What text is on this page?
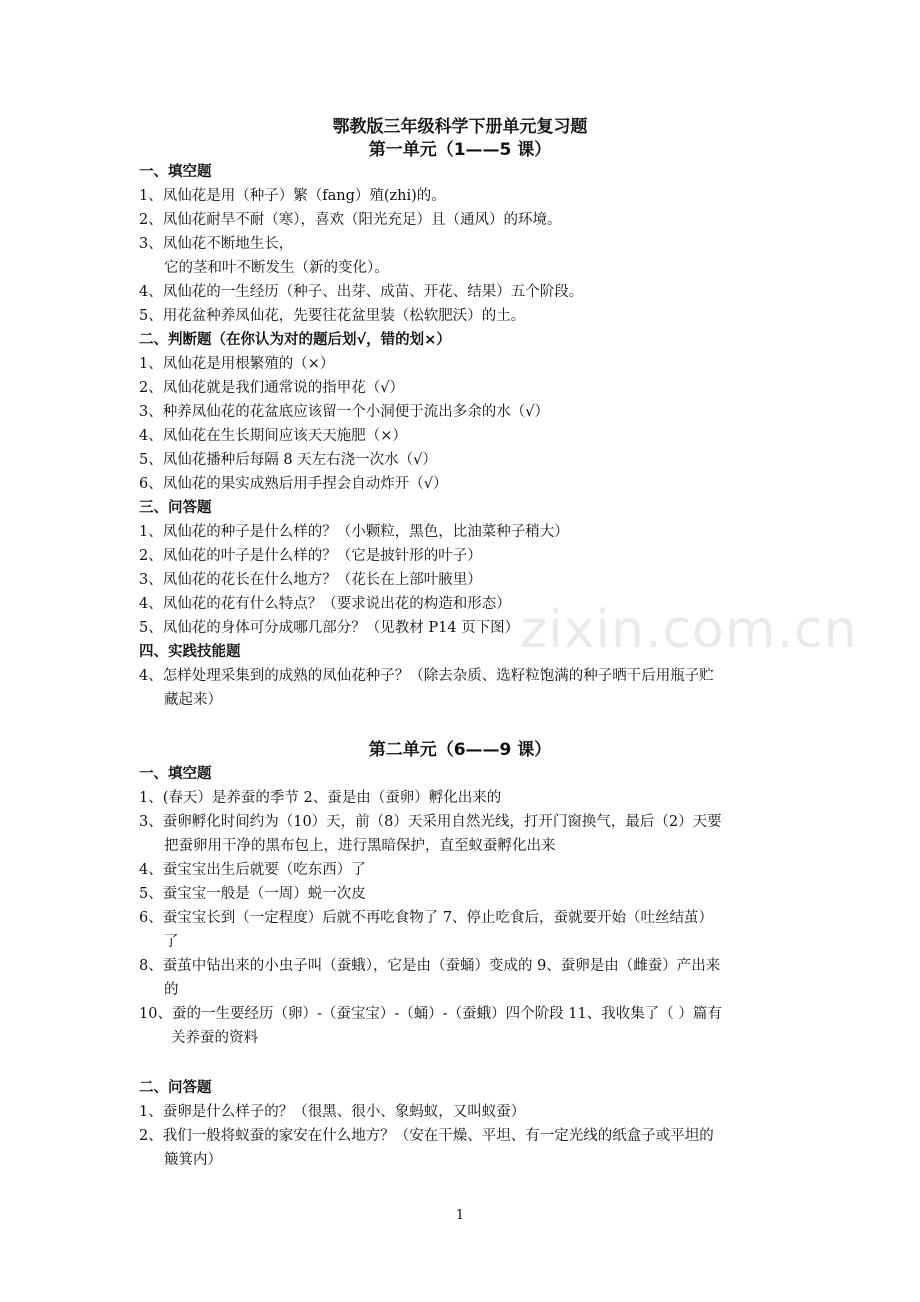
鄂教版三年级科学下册单元复习题
第一单元（1——5 课）
一、填空题
1、凤仙花是用（种子）繁（fang）殖(zhi)的。
2、凤仙花耐旱不耐（寒），喜欢（阳光充足）且（通风）的环境。
3、凤仙花不断地生长，
它的茎和叶不断发生（新的变化）。
4、凤仙花的一生经历（种子、出芽、成苗、开花、结果）五个阶段。
5、用花盆种养凤仙花，先要往花盆里装（松软肥沃）的土。
二、判断题（在你认为对的题后划√，错的划×）
1、凤仙花是用根繁殖的（×）
2、凤仙花就是我们通常说的指甲花（√）
3、种养凤仙花的花盆底应该留一个小洞便于流出多余的水（√）
4、凤仙花在生长期间应该天天施肥（×）
5、凤仙花播种后每隔 8 天左右浇一次水（√）
6、凤仙花的果实成熟后用手捏会自动炸开（√）
三、问答题
1、凤仙花的种子是什么样的？（小颗粒，黑色，比油菜种子稍大）
2、凤仙花的叶子是什么样的？（它是披针形的叶子）
3、凤仙花的花长在什么地方？（花长在上部叶腋里）
4、凤仙花的花有什么特点？（要求说出花的构造和形态）
5、凤仙花的身体可分成哪几部分？（见教材 P14 页下图）
四、实践技能题
4、怎样处理采集到的成熟的凤仙花种子？（除去杂质、选籽粒饱满的种子晒干后用瓶子贮
藏起来）
第二单元（6——9 课）
一、填空题
1、(春天）是养蚕的季节 2、蚕是由（蚕卵）孵化出来的
3、蚕卵孵化时间约为（10）天，前（8）天采用自然光线，打开门窗换气，最后（2）天要
把蚕卵用干净的黑布包上，进行黑暗保护，直至蚁蚕孵化出来
4、蚕宝宝出生后就要（吃东西）了
5、蚕宝宝一般是（一周）蜕一次皮
6、蚕宝宝长到（一定程度）后就不再吃食物了 7、停止吃食后，蚕就要开始（吐丝结茧）
了
8、蚕茧中钻出来的小虫子叫（蚕蛾），它是由（蚕蛹）变成的 9、蚕卵是由（雌蚕）产出来
的
10、蚕的一生要经历（卵）-（蚕宝宝）-（蛹）-（蚕蛾）四个阶段 11、我收集了（ ）篇有
关养蚕的资料
二、问答题
1、蚕卵是什么样子的？（很黑、很小、象蚂蚁，又叫蚁蚕）
2、我们一般将蚁蚕的家安在什么地方？（安在干燥、平坦、有一定光线的纸盒子或平坦的
簸箕内）
zixin.com.cn
1
